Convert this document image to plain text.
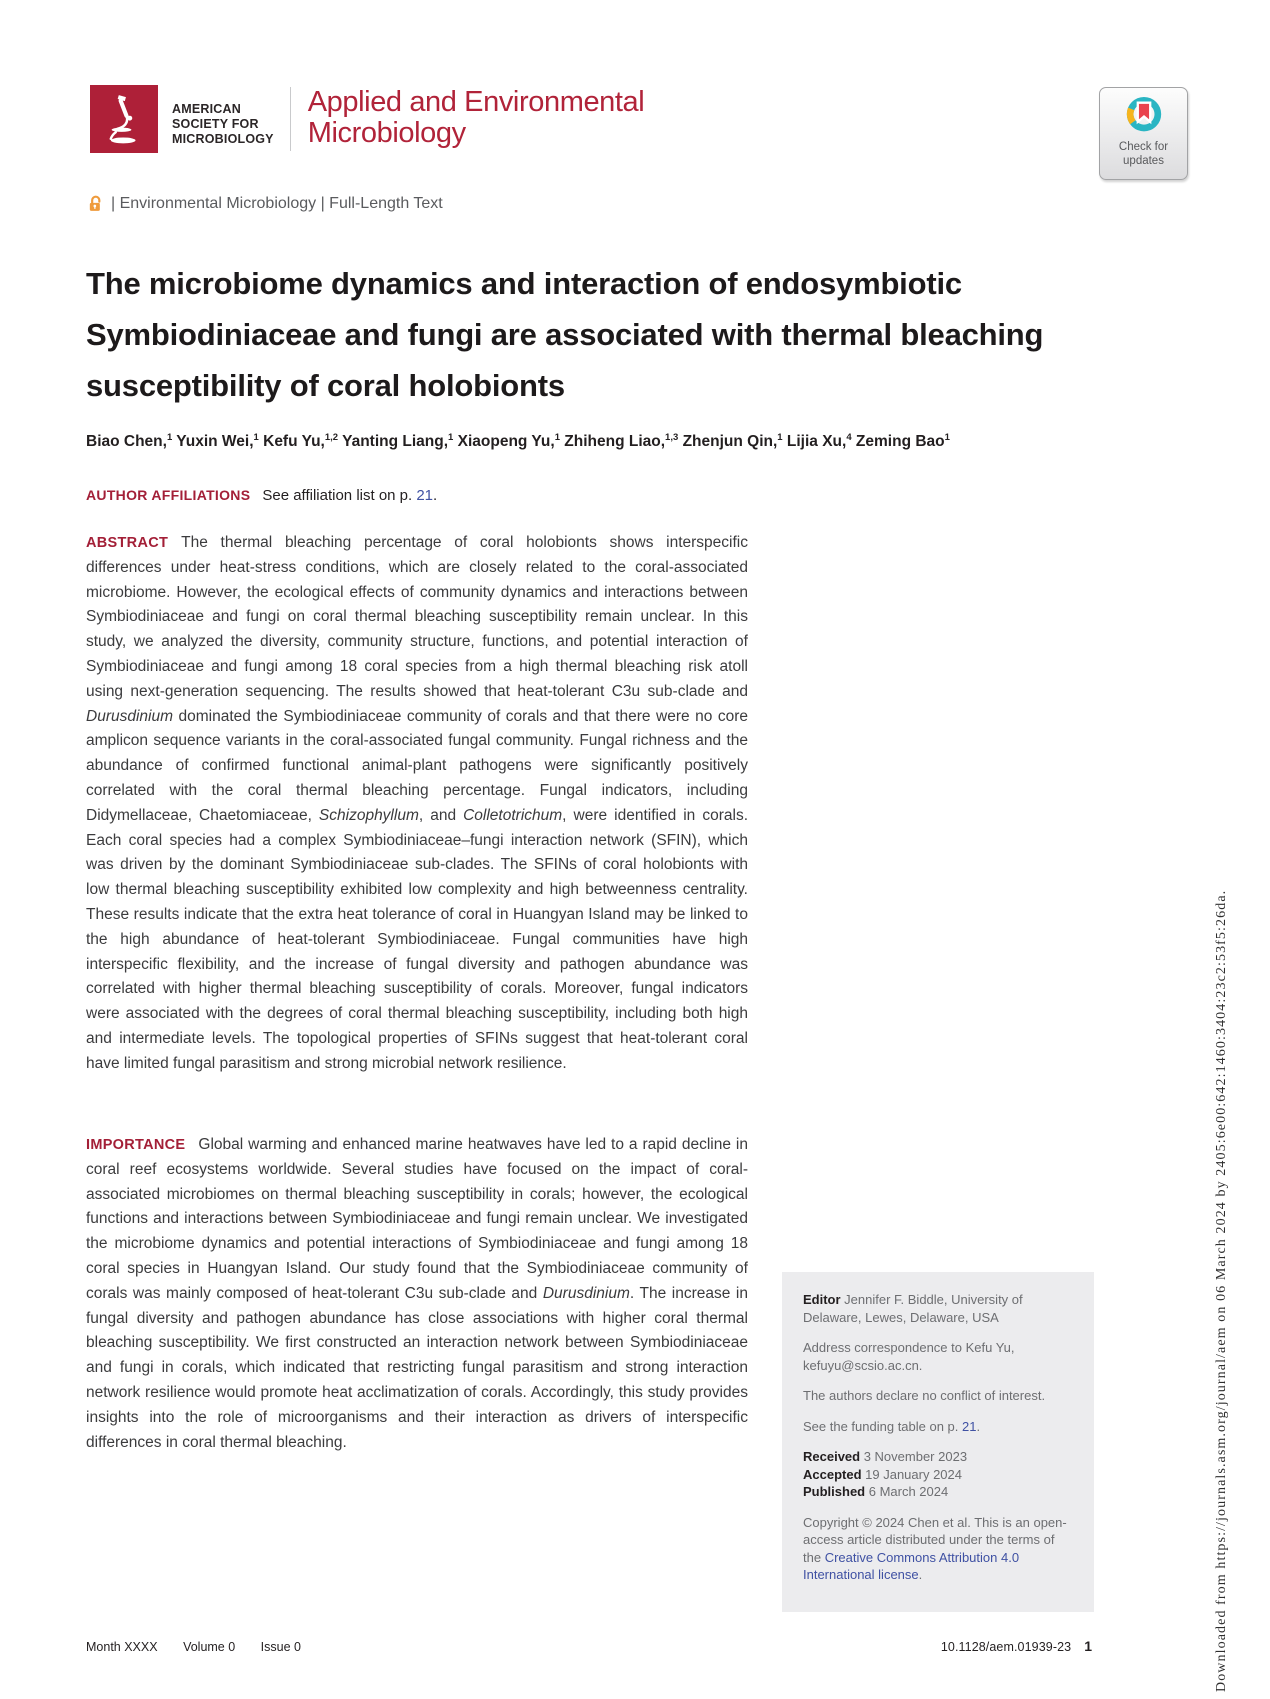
AMERICAN
SOCIETY FOR
MICROBIOLOGY
Applied and Environmental
Microbiology	Check for
updates
| Environmental Microbiology | Full-Length Text
The microbiome dynamics and interaction of endosymbiotic Symbiodiniaceae and fungi are associated with thermal bleaching susceptibility of coral holobionts
Biao Chen,$^1$ Yuxin Wei,$^1$ Kefu Yu,$^{1,2}$ Yanting Liang,$^1$ Xiaopeng Yu,$^1$ Zhiheng Liao,$^{1,3}$ Zhenjun Qin,$^1$ Lijia Xu,$^4$ Zeming Bao$^1$
AUTHOR AFFILIATIONS See affiliation list on p. 21.
ABSTRACT The thermal bleaching percentage of coral holobionts shows interspecific differences under heat-stress conditions, which are closely related to the coral-associated microbiome. However, the ecological effects of community dynamics and interactions between Symbiodiniaceae and fungi on coral thermal bleaching susceptibility remain unclear. In this study, we analyzed the diversity, community structure, functions, and potential interaction of Symbiodiniaceae and fungi among 18 coral species from a high thermal bleaching risk atoll using next-generation sequencing. The results showed that heat-tolerant C3u sub-clade and Durusdinium dominated the Symbiodiniaceae community of corals and that there were no core amplicon sequence variants in the coral-associated fungal community. Fungal richness and the abundance of confirmed functional animal-plant pathogens were significantly positively correlated with the coral thermal bleaching percentage. Fungal indicators, including Didymellaceae, Chaetomiaceae, Schizophyllum, and Colletotrichum, were identified in corals. Each coral species had a complex Symbiodiniaceae–fungi interaction network (SFIN), which was driven by the dominant Symbiodiniaceae sub-clades. The SFINs of coral holobionts with low thermal bleaching susceptibility exhibited low complexity and high betweenness centrality. These results indicate that the extra heat tolerance of coral in Huangyan Island may be linked to the high abundance of heat-tolerant Symbiodiniaceae. Fungal communities have high interspecific flexibility, and the increase of fungal diversity and pathogen abundance was correlated with higher thermal bleaching susceptibility of corals. Moreover, fungal indicators were associated with the degrees of coral thermal bleaching susceptibility, including both high and intermediate levels. The topological properties of SFINs suggest that heat-tolerant coral have limited fungal parasitism and strong microbial network resilience.
IMPORTANCE Global warming and enhanced marine heatwaves have led to a rapid decline in coral reef ecosystems worldwide. Several studies have focused on the impact of coral-associated microbiomes on thermal bleaching susceptibility in corals; however, the ecological functions and interactions between Symbiodiniaceae and fungi remain unclear. We investigated the microbiome dynamics and potential interactions of Symbiodiniaceae and fungi among 18 coral species in Huangyan Island. Our study found that the Symbiodiniaceae community of corals was mainly composed of heat-tolerant C3u sub-clade and Durusdinium. The increase in fungal diversity and pathogen abundance has close associations with higher coral thermal bleaching susceptibility. We first constructed an interaction network between Symbiodiniaceae and fungi in corals, which indicated that restricting fungal parasitism and strong interaction network resilience would promote heat acclimatization of corals. Accordingly, this study provides insights into the role of microorganisms and their interaction as drivers of interspecific differences in coral thermal bleaching.

Editor Jennifer F. Biddle, University of Delaware, Lewes, Delaware, USA

Address correspondence to Kefu Yu, kefuyu@scsio.ac.cn.

The authors declare no conflict of interest.

See the funding table on p. 21.

Received 3 November 2023

Accepted 19 January 2024

Published 6 March 2024

Copyright © 2024 Chen et al. This is an open-access article distributed under the terms of the Creative Commons Attribution 4.0 International license.

Month XXXX Volume 0 Issue 0	10.1128/aem.01939-23 1	Downloaded from https://journals.asm.org/journal/aem on 06 March 2024 by 2405:6e00:642:1460:3404:23c2:53f5:26da.
